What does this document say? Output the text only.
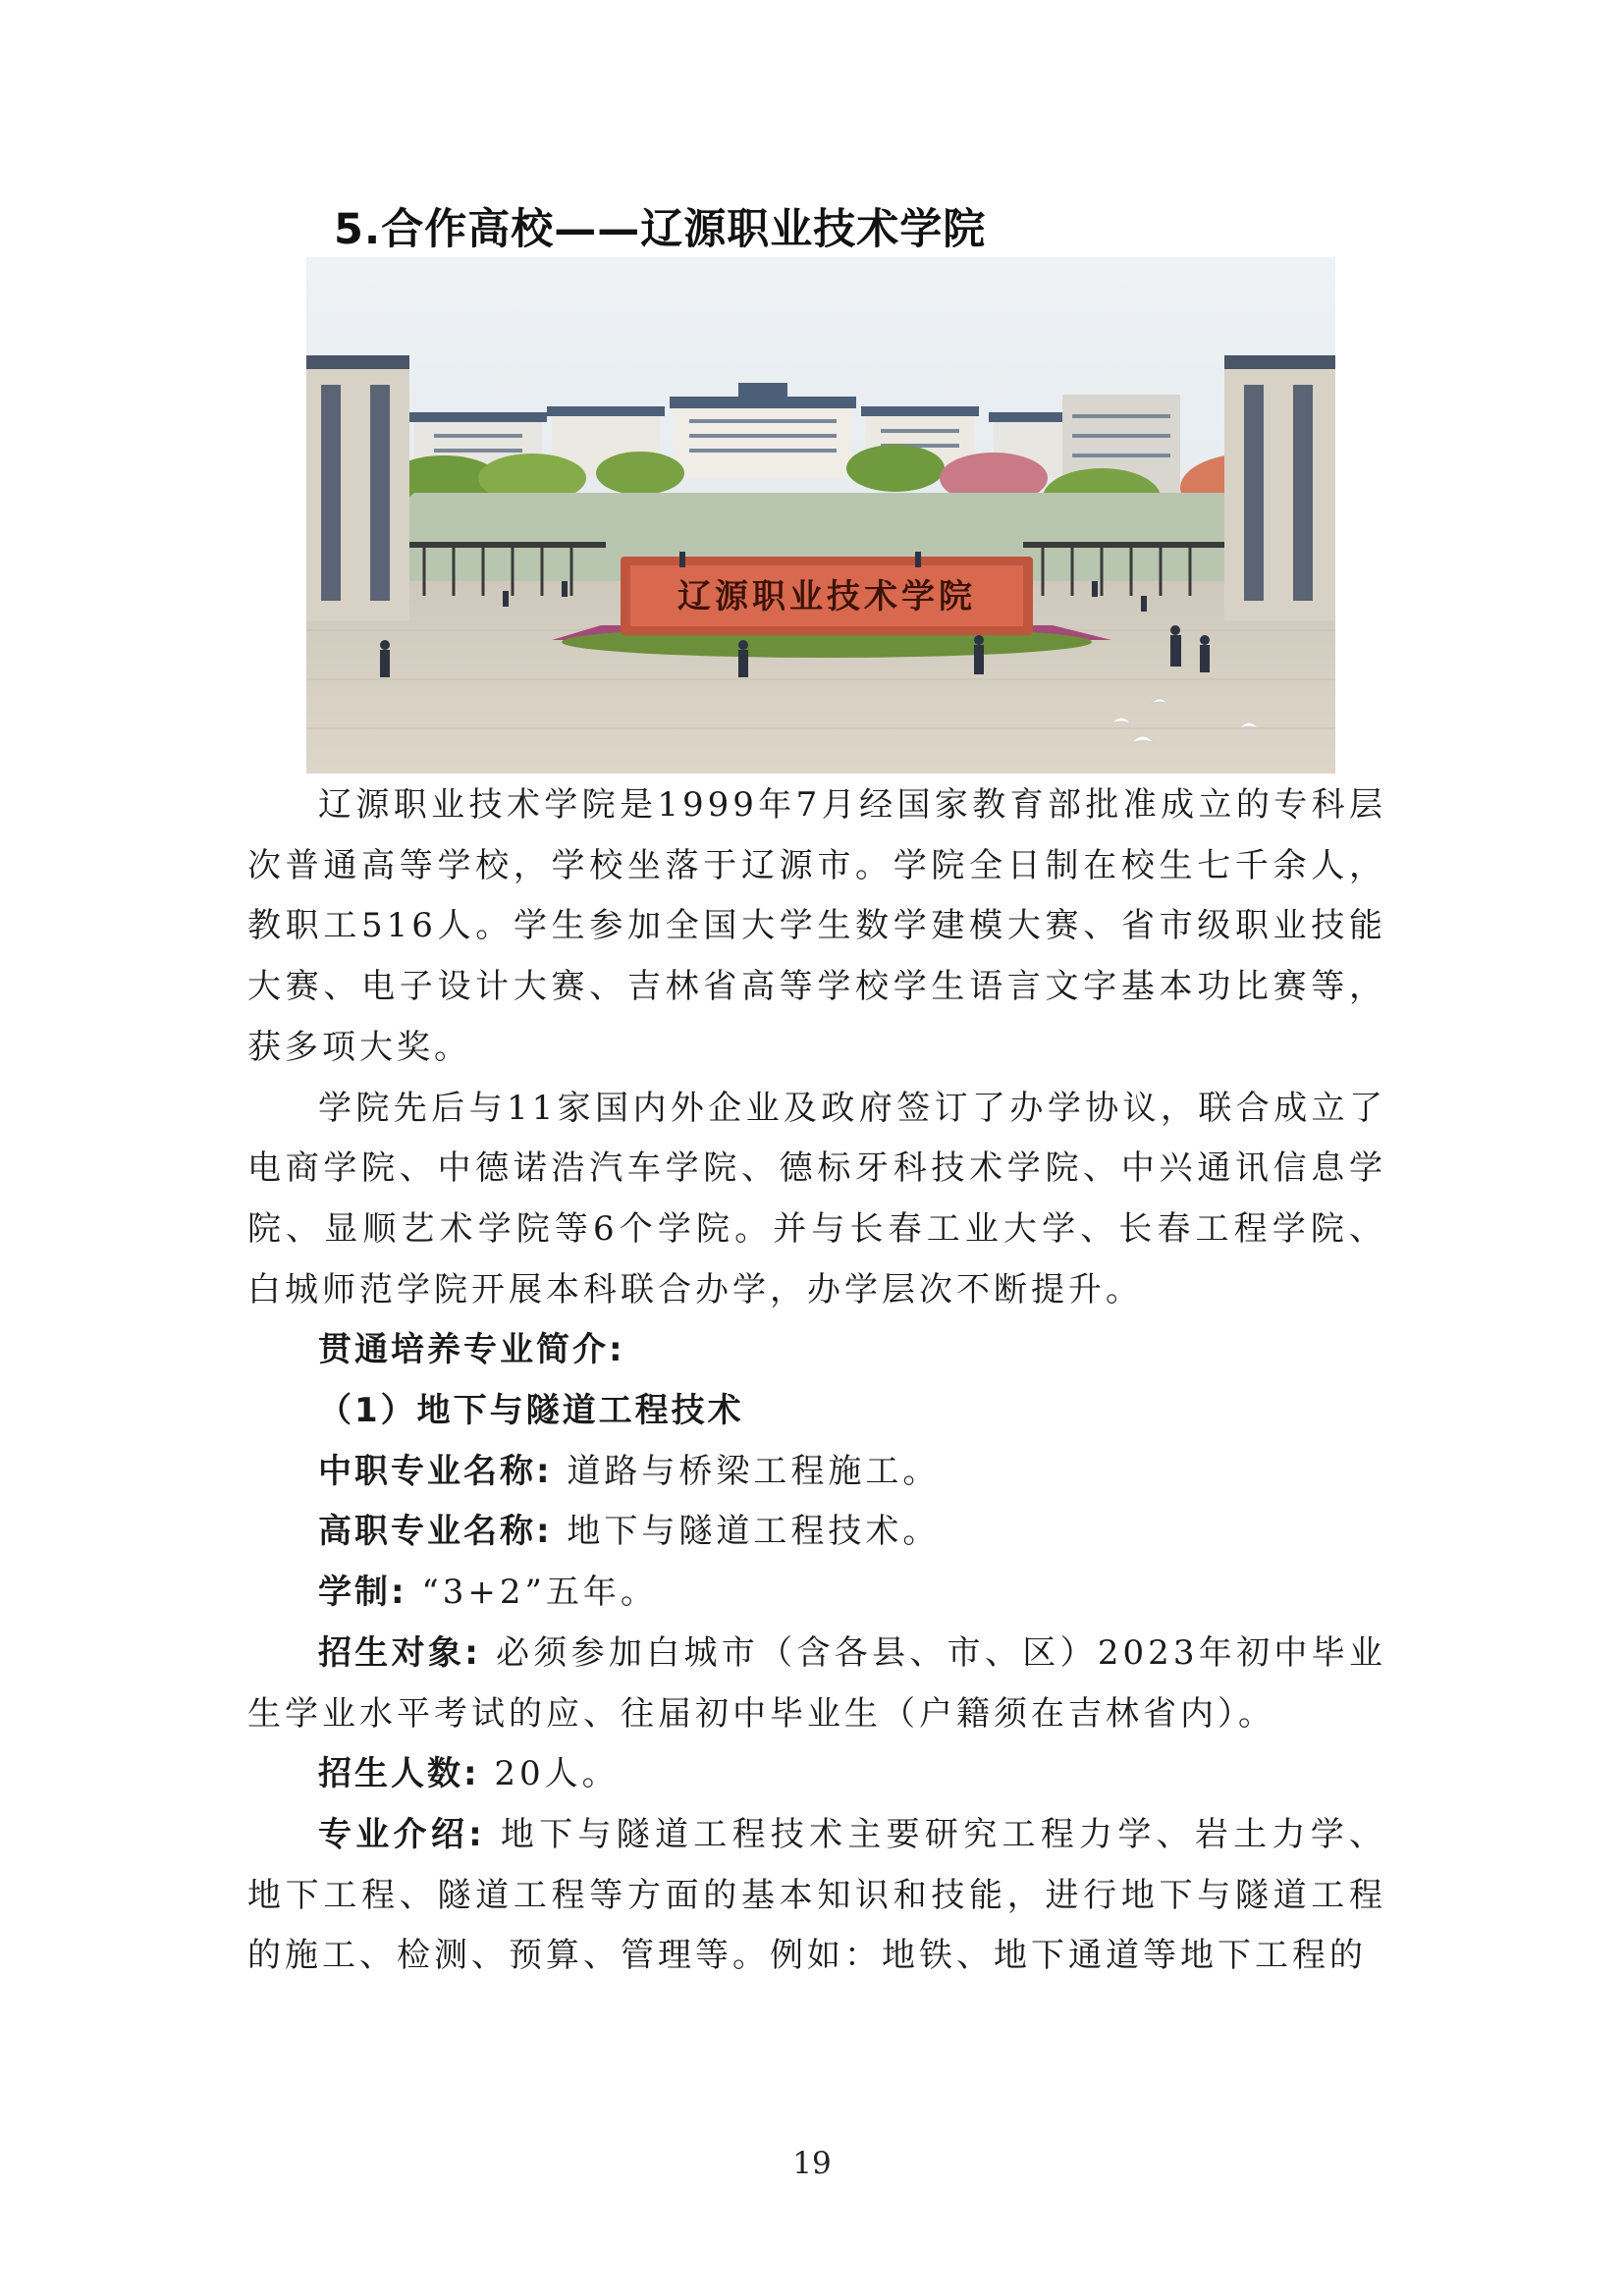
5.合作高校——辽源职业技术学院
辽源职业技术学院

辽源职业技术学院是1999年7月经国家教育部批准成立的专科层次普通高等学校，学校坐落于辽源市。学院全日制在校生七千余人，教职工516人。学生参加全国大学生数学建模大赛、省市级职业技能大赛、电子设计大赛、吉林省高等学校学生语言文字基本功比赛等，获多项大奖。

学院先后与11家国内外企业及政府签订了办学协议，联合成立了电商学院、中德诺浩汽车学院、德标牙科技术学院、中兴通讯信息学院、显顺艺术学院等6个学院。并与长春工业大学、长春工程学院、白城师范学院开展本科联合办学，办学层次不断提升。

贯通培养专业简介:

（1）地下与隧道工程技术

中职专业名称: 道路与桥梁工程施工。

高职专业名称: 地下与隧道工程技术。

学制: “3+2”五年。

招生对象: 必须参加白城市（含各县、市、区）2023年初中毕业生学业水平考试的应、往届初中毕业生（户籍须在吉林省内）。

招生人数: 20人。

专业介绍: 地下与隧道工程技术主要研究工程力学、岩土力学、地下工程、隧道工程等方面的基本知识和技能，进行地下与隧道工程的施工、检测、预算、管理等。例如：地铁、地下通道等地下工程的

19
